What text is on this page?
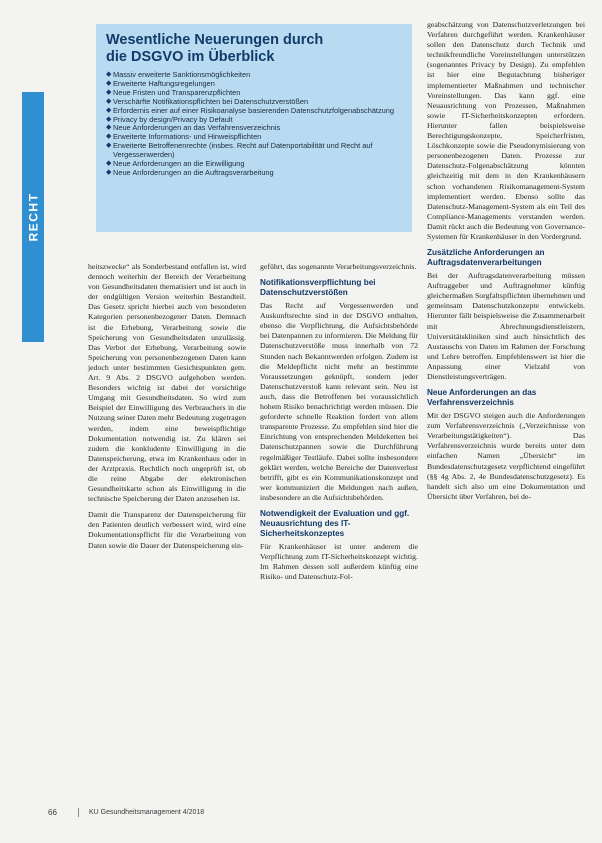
RECHT
Wesentliche Neuerungen durch
die DSGVO im Überblick
◆ Massiv erweiterte Sanktionsmöglichkeiten
◆ Erweiterte Haftungsregelungen
◆ Neue Fristen und Transparenzpflichten
◆ Verschärfte Notifikationspflichten bei Datenschutzverstößen
◆ Erfordernis einer auf einer Risikoanalyse basierenden Datenschutzfolgenabschätzung
◆ Privacy by design/Privacy by Default
◆ Neue Anforderungen an das Verfahrensverzeichnis
◆ Erweiterte Informations- und Hinweispflichten
◆ Erweiterte Betroffenenrechte (insbes. Recht auf Datenportabilität und Recht auf Vergessenwerden)
◆ Neue Anforderungen an die Einwilligung
◆ Neue Anforderungen an die Auftragsverarbeitung

heitszwecke“ als Sonderbestand entfallen ist, wird dennoch weiterhin der Bereich der Verarbeitung von Gesundheitsdaten thematisiert und ist auch in der endgültigen Version weiterhin Bestandteil. Das Gesetz spricht hierbei auch von besonderen Kategorien personenbezogener Daten. Demnach ist die Erhebung, Verarbeitung sowie die Speicherung von Gesundheitsdaten unzulässig. Das Verbot der Erhebung, Verarbeitung sowie Speicherung von personenbezogenen Daten kann jedoch unter bestimmten Gesichtspunkten gem. Art. 9 Abs. 2 DSGVO aufgehoben werden. Besonders wichtig ist dabei der vorsichtige Umgang mit Gesundheitsdaten. So wird zum Beispiel der Einwilligung des Verbrauchers in die Nutzung seiner Daten mehr Bedeutung zugetragen werden, indem eine beweispflichtige Dokumentation notwendig ist. Zu klären sei zudem die konkludente Einwilligung in die Datenspeicherung, etwa im Krankenhaus oder in der Arztpraxis. Rechtlich noch ungeprüft ist, ob die reine Abgabe der elektronischen Gesundheitskarte schon als Einwilligung in die technische Speicherung der Daten anzusehen ist.

Damit die Transparenz der Datenspeicherung für den Patienten deutlich verbessert wird, wird eine Dokumentationspflicht für die Verarbeitung von Daten sowie die Dauer der Datenspeicherung ein-

geführt, das sogenannte Verarbeitungsverzeichnis.

Notifikationsverpflichtung bei Datenschutzverstößen

Das Recht auf Vergessenwerden und Auskunftsrechte sind in der DSGVO enthalten, ebenso die Verpflichtung, die Aufsichtsbehörde bei Datenpannen zu informieren. Die Meldung für Datenschutzverstöße muss innerhalb von 72 Stunden nach Bekanntwerden erfolgen. Zudem ist die Meldepflicht nicht mehr an bestimmte Voraussetzungen geknüpft, sondern jeder Datenschutzverstoß kann relevant sein. Neu ist auch, dass die Betroffenen bei voraussichtlich hohem Risiko benachrichtigt werden müssen. Die geforderte schnelle Reaktion fordert von allem transparente Prozesse. Zu empfehlen sind hier die Einrichtung von entsprechenden Meldeketten bei Datenschutzpannen sowie die Durchführung regelmäßiger Testläufe. Dabei sollte insbesondere geklärt werden, welche Bereiche der Datenverlust betrifft, gibt es ein Kommunikationskonzept und wer kommuniziert die Meldungen nach außen, insbesondere an die Aufsichtsbehörden.

Notwendigkeit der Evaluation und ggf. Neuausrichtung des IT-Sicherheitskonzeptes

Für Krankenhäuser ist unter anderem die Verpflichtung zum IT-Sicherheitskonzept wichtig. Im Rahmen dessen soll außerdem künftig eine Risiko- und Datenschutz-Fol-

geabschätzung von Datenschutzverletzungen bei Verfahren durchgeführt werden. Krankenhäuser sollen den Datenschutz durch Technik und technikfreundliche Voreinstellungen unterstützen (sogenanntes Privacy by Design). Zu empfehlen ist hier eine Begutachtung bisheriger implementierter Maßnahmen und technischer Voreinstellungen. Das kann ggf. eine Neuausrichtung von Prozessen, Maßnahmen sowie IT-Sicherheitskonzepten erfordern. Hierunter fallen beispielsweise Berechtigungskonzepte, Speicherfristen, Löschkonzepte sowie die Pseudonymisierung von personenbezogenen Daten. Prozesse zur Datenschutz-Folgenabschätzung könnten gleichzeitig mit dem in den Krankenhäusern schon vorhandenen Risikomanagement-System implementiert werden. Ebenso sollte das Datenschutz-Management-System als ein Teil des Compliance-Managements verstanden werden. Damit rückt auch die Bedeutung von Governance-Systemen für Krankenhäuser in den Vordergrund.

Zusätzliche Anforderungen an Auftragsdatenverarbeitungen

Bei der Auftragsdatenverarbeitung müssen Auftraggeber und Auftragnehmer künftig gleichermaßen Sorgfaltspflichten übernehmen und gemeinsam Datenschutzkonzepte entwickeln. Hierunter fällt beispielsweise die Zusammenarbeit mit Abrechnungsdienstleistern, Universitätskliniken sind auch hinsichtlich des Austauschs von Daten im Rahmen der Forschung und Lehre betroffen. Empfehlenswert ist hier die Anpassung einer Vielzahl von Dienstleistungsverträgen.

Neue Anforderungen an das Verfahrensverzeichnis

Mit der DSGVO steigen auch die Anforderungen zum Verfahrensverzeichnis („Verzeichnisse von Verarbeitungstätigkeiten“). Das Verfahrensverzeichnis wurde bereits unter dem einfachen Namen „Übersicht“ im Bundesdatenschutzgesetz verpflichtend eingeführt (§§ 4g Abs. 2, 4e Bundesdatenschutzgesetz). Es handelt sich also um eine Dokumentation und Übersicht über Verfahren, bei de-

66	KU Gesundheitsmanagement 4/2018
